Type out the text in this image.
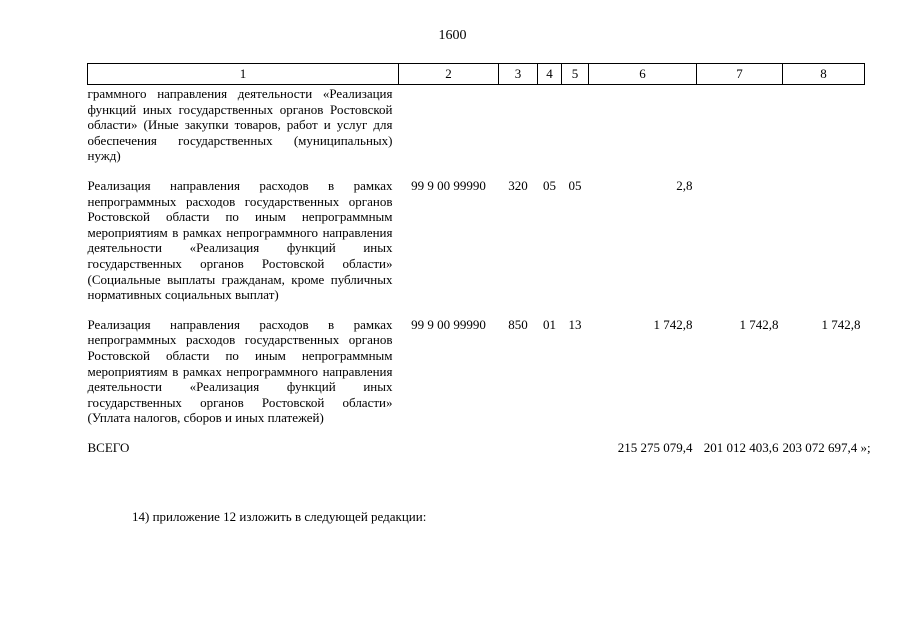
1600
1	2	3	4	5	6	7	8
граммного направления деятельности «Реализация функций иных государственных органов Ростовской области» (Иные закупки товаров, работ и услуг для обеспечения государственных (муниципальных) нужд)							
Реализация направления расходов в рамках непрограммных расходов государственных органов Ростовской области по иным непрограммным мероприятиям в рамках непрограммного направления деятельности «Реализация функций иных государственных органов Ростовской области» (Социальные выплаты гражданам, кроме публичных нормативных социальных выплат)	99 9 00 99990	320	05	05	2,8		
Реализация направления расходов в рамках непрограммных расходов государственных органов Ростовской области по иным непрограммным мероприятиям в рамках непрограммного направления деятельности «Реализация функций иных государственных органов Ростовской области» (Уплата налогов, сборов и иных платежей)	99 9 00 99990	850	01	13	1 742,8	1 742,8	1 742,8
ВСЕГО					215 275 079,4	201 012 403,6	203 072 697,4 »;
14) приложение 12 изложить в следующей редакции:
